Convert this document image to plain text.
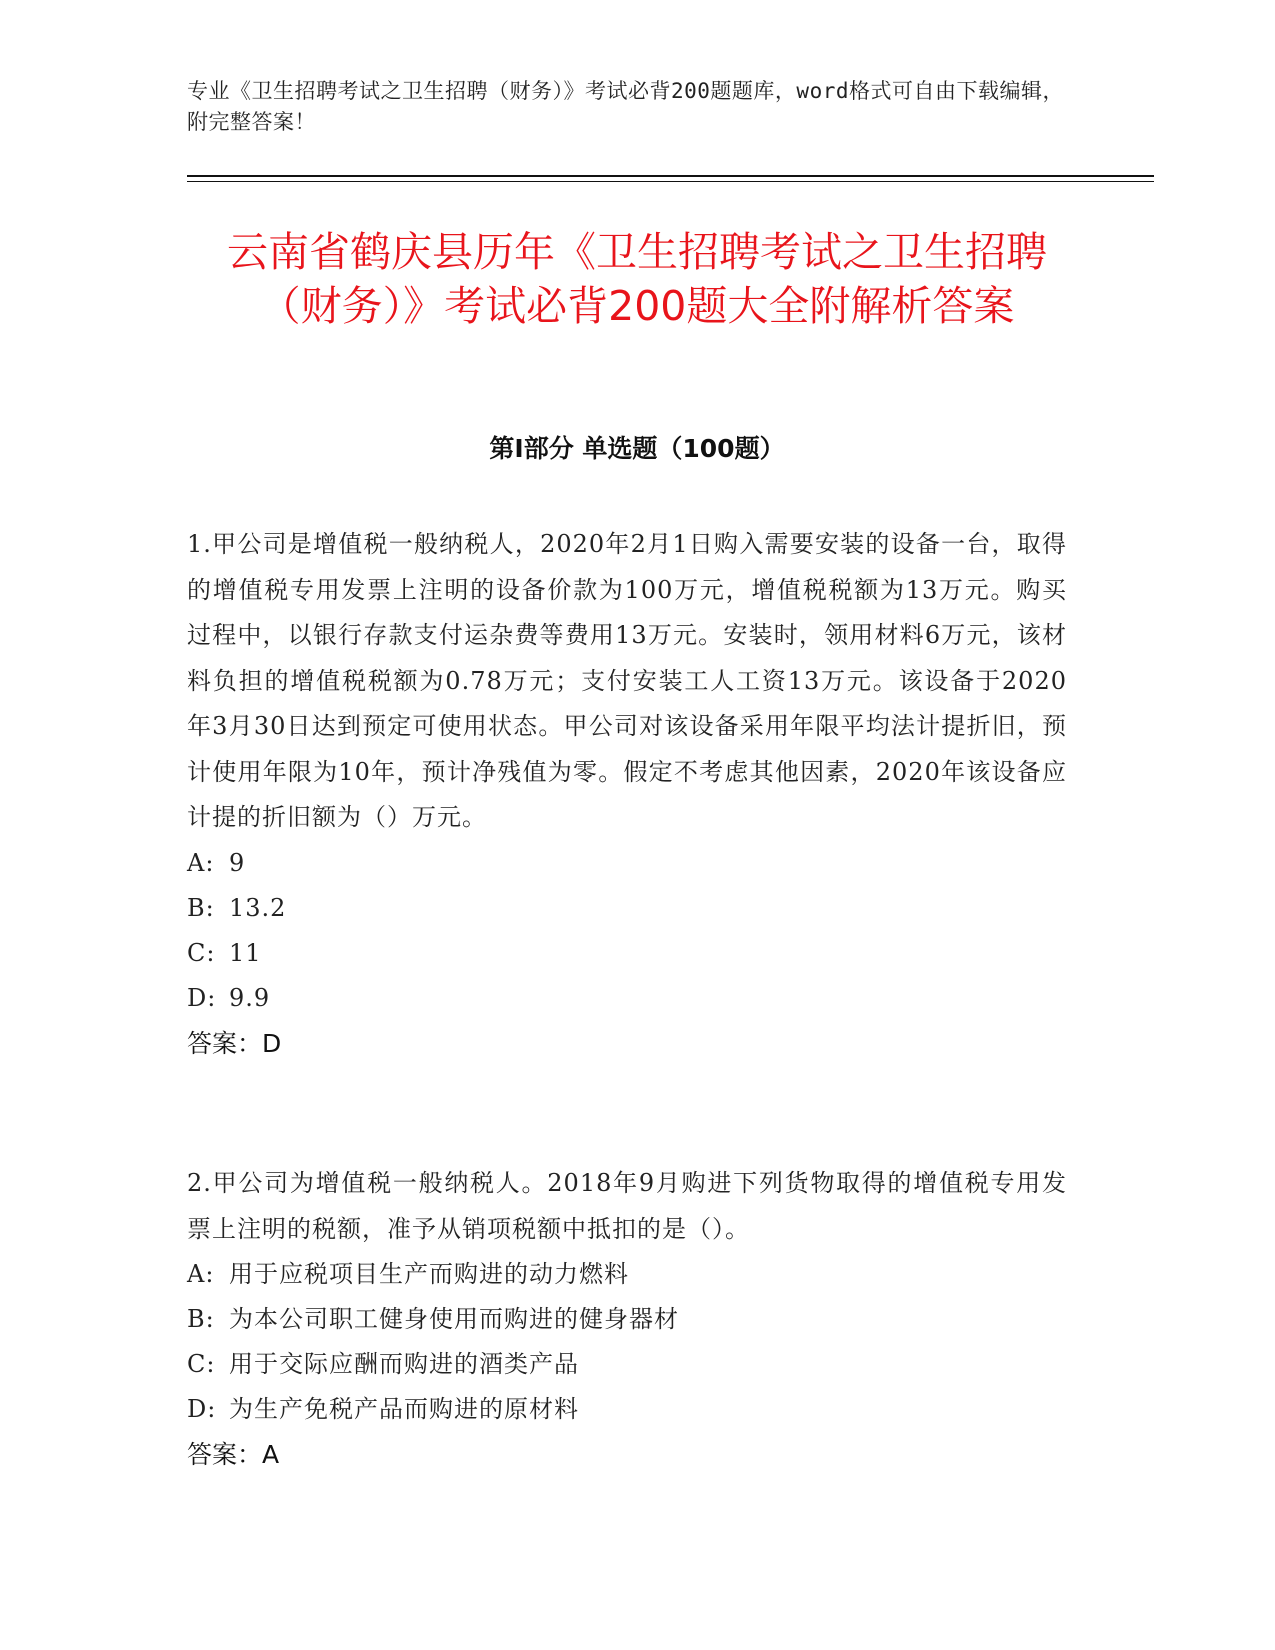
专业《卫生招聘考试之卫生招聘（财务）》考试必背200题题库，word格式可自由下载编辑，附完整答案！
云南省鹤庆县历年《卫生招聘考试之卫生招聘（财务）》考试必背200题大全附解析答案
第Ⅰ部分 单选题（100题）

1.甲公司是增值税一般纳税人，2020年2月1日购入需要安装的设备一台，取得的增值税专用发票上注明的设备价款为100万元，增值税税额为13万元。购买过程中，以银行存款支付运杂费等费用13万元。安装时，领用材料6万元，该材料负担的增值税税额为0.78万元；支付安装工人工资13万元。该设备于2020年3月30日达到预定可使用状态。甲公司对该设备采用年限平均法计提折旧，预计使用年限为10年，预计净残值为零。假定不考虑其他因素，2020年该设备应计提的折旧额为（）万元。

A: 9

B: 13.2

C: 11

D: 9.9

答案：D

2.甲公司为增值税一般纳税人。2018年9月购进下列货物取得的增值税专用发票上注明的税额，准予从销项税额中抵扣的是（）。

A: 用于应税项目生产而购进的动力燃料

B: 为本公司职工健身使用而购进的健身器材

C: 用于交际应酬而购进的酒类产品

D: 为生产免税产品而购进的原材料

答案：A
